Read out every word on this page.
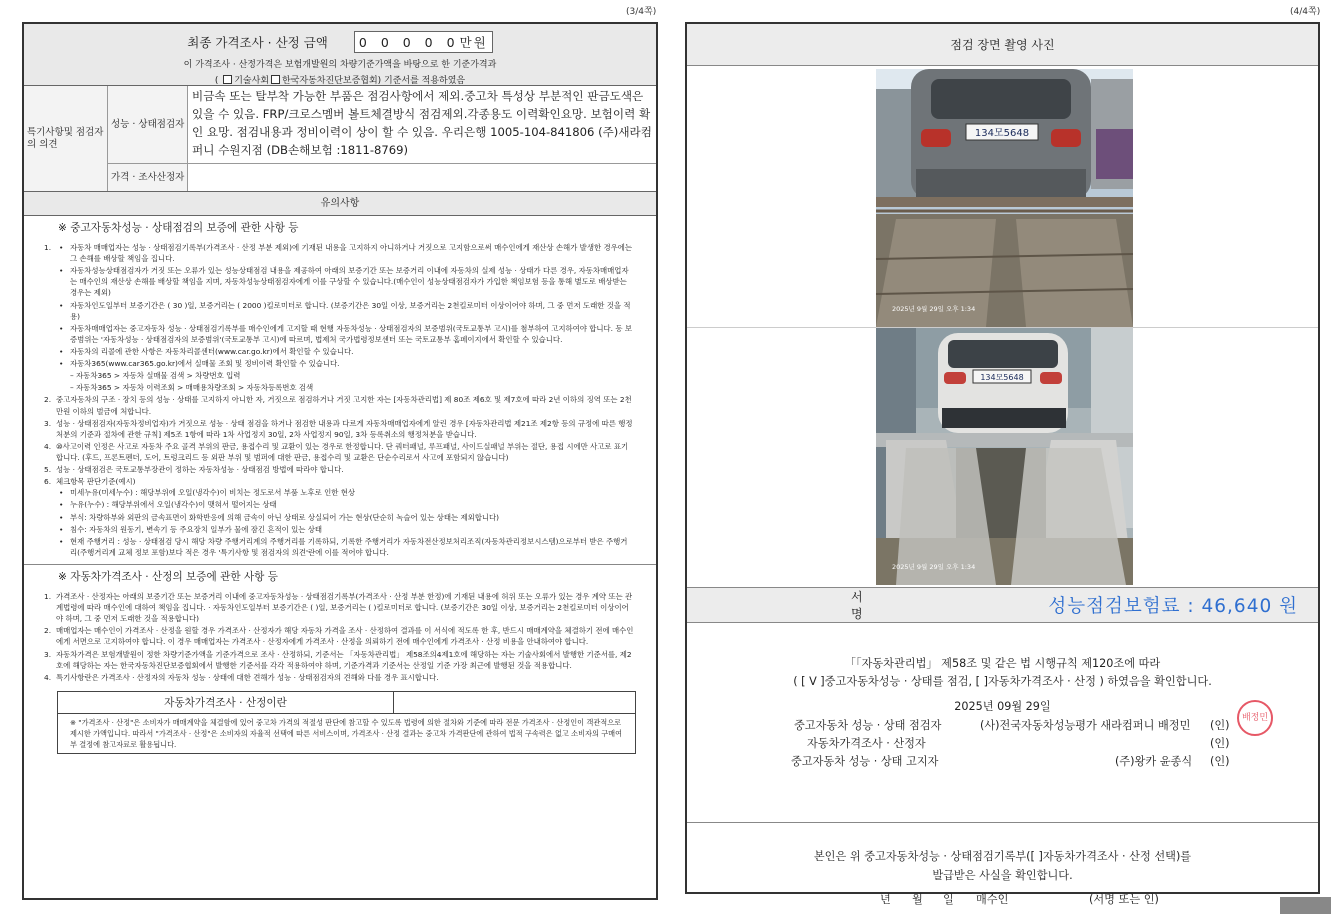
(3/4쪽)	(4/4쪽)
최종 가격조사 · 산정 금액 0 0 0 0 0 만원
이 가격조사 · 산정가격은 보험개발원의 차량기준가액을 바탕으로 한 기준가격과
( 기술사회 한국자동차진단보증협회) 기준서를 적용하였음
특기사항및 점검자의 의견
성능 · 상태점검자
비금속 또는 탈부착 가능한 부품은 점검사항에서 제외.중고차 특성상 부분적인 판금도색은 있을 수 있음. FRP/크로스멤버 볼트체결방식 점검제외.각종용도 이력확인요망. 보험이력 확인 요망. 점검내용과 정비이력이 상이 할 수 있음. 우리은행 1005-104-841806 (주)새라컴퍼니 수원지점 (DB손해보험 :1811-8769)
가격 · 조사산정자
유의사항
※ 중고자동차성능 · 상태점검의 보증에 관한 사항 등
1. • 자동차 매매업자는 성능 · 상태점검기록부(가격조사 · 산정 부분 제외)에 기재된 내용을 고지하지 아니하거나 거짓으로 고지함으로써 매수인에게 재산상 손해가 발생한 경우에는 그 손해를 배상할 책임을 집니다.
• 자동차성능상태점검자가 거짓 또는 오류가 있는 성능상태점검 내용을 제공하여 아래의 보증기간 또는 보증거리 이내에 자동차의 실제 성능 · 상태가 다른 경우, 자동차매매업자는 매수인의 재산상 손해를 배상할 책임을 지며, 자동차성능상태점검자에게 이를 구상할 수 있습니다.(매수인이 성능상태점검자가 가입한 책임보험 등을 통해 별도로 배상받는 경우는 제외)
• 자동차인도일부터 보증기간은 ( 30 )일, 보증거리는 ( 2000 )킬로미터로 합니다. (보증기간은 30일 이상, 보증거리는 2천킬로미터 이상이어야 하며, 그 중 먼저 도래한 것을 적용)
• 자동차매매업자는 중고자동차 성능 · 상태점검기록부를 매수인에게 고지할 때 현행 자동차성능 · 상태점검자의 보증범위(국토교통부 고시)를 첨부하여 고지하여야 합니다. 동 보증범위는 '자동차성능 · 상태점검자의 보증범위'(국토교통부 고시)에 따르며, 법제처 국가법령정보센터 또는 국토교통부 홈페이지에서 확인할 수 있습니다.
• 자동차의 리콜에 관한 사항은 자동차리콜센터(www.car.go.kr)에서 확인할 수 있습니다.
• 자동차365(www.car365.go.kr)에서 실매물 조회 및 정비이력 확인할 수 있습니다.
– 자동차365 > 자동차 실매물 검색 > 차량번호 입력
– 자동차365 > 자동차 이력조회 > 매매용차량조회 > 자동차등록번호 검색
2. 중고자동차의 구조 · 장치 등의 성능 · 상태를 고지하지 아니한 자, 거짓으로 점검하거나 거짓 고지한 자는 [자동차관리법] 제 80조 제6호 및 제7호에 따라 2년 이하의 징역 또는 2천만원 이하의 벌금에 처합니다.
3. 성능 · 상태점검자(자동차정비업자)가 거짓으로 성능 · 상태 점검을 하거나 점검한 내용과 다르게 자동차매매업자에게 알린 경우 [자동차관리법 제21조 제2항 등의 규정에 따른 행정처분의 기준과 절차에 관한 규칙] 제5조 1항에 따라 1차 사업정지 30일, 2차 사업정지 90일, 3차 등록취소의 행정처분을 받습니다.
4. ⑩사고이력 인정은 사고로 자동차 주요 골격 부위의 판금, 용접수리 및 교환이 있는 경우로 한정합니다. 단 쿼터패널, 루프패널, 사이드실패널 부위는 절단, 용접 시에만 사고로 표기합니다. (후드, 프론트펜더, 도어, 트렁크리드 등 외판 부위 및 범퍼에 대한 판금, 용접수리 및 교환은 단순수리로서 사고에 포함되지 않습니다)
5. 성능 · 상태점검은 국토교통부장관이 정하는 자동차성능 · 상태점검 방법에 따라야 합니다.
6. 체크항목 판단기준(예시)
• 미세누유(미세누수) : 해당부위에 오일(냉각수)이 비치는 정도로서 부품 노후로 인한 현상
• 누유(누수) : 해당부위에서 오일(냉각수)이 맺혀서 떨어지는 상태
• 부식: 차량하부와 외판의 금속표면이 화학반응에 의해 금속이 아닌 상태로 상실되어 가는 현상(단순히 녹슬어 있는 상태는 제외합니다)
• 침수: 자동차의 원동기, 변속기 등 주요장치 일부가 물에 잠긴 흔적이 있는 상태
• 현재 주행거리 : 성능 · 상태점검 당시 해당 차량 주행거리계의 주행거리를 기록하되, 기록한 주행거리가 자동차전산정보처리조직(자동차관리정보시스템)으로부터 받은 주행거리(주행거리계 교체 정보 포함)보다 적은 경우 '특기사항 및 점검자의 의견'란에 이를 적어야 합니다.
※ 자동차가격조사 · 산정의 보증에 관한 사항 등
1. 가격조사 · 산정자는 아래의 보증기간 또는 보증거리 이내에 중고자동차성능 · 상태점검기록부(가격조사 · 산정 부분 한정)에 기재된 내용에 허위 또는 오류가 있는 경우 계약 또는 관계법령에 따라 매수인에 대하여 책임을 집니다. · 자동차인도일부터 보증기간은 ( )일, 보증거리는 ( )킬로미터로 합니다. (보증기간은 30일 이상, 보증거리는 2천킬로미터 이상이어야 하며, 그 중 먼저 도래한 것을 적용합니다)
2. 매매업자는 매수인이 가격조사 · 산정을 원할 경우 가격조사 · 산정자가 해당 자동차 가격을 조사 · 산정하여 결과를 이 서식에 적도록 한 후, 반드시 매매계약을 체결하기 전에 매수인에게 서면으로 고지하여야 합니다. 이 경우 매매업자는 가격조사 · 산정자에게 가격조사 · 산정을 의뢰하기 전에 매수인에게 가격조사 · 산정 비용을 안내하여야 합니다.
3. 자동차가격은 보험개발원이 정한 차량기준가액을 기준가격으로 조사 · 산정하되, 기준서는 「자동차관리법」 제58조의4제1호에 해당하는 자는 기술사회에서 발행한 기준서를, 제2호에 해당하는 자는 한국자동차진단보증협회에서 발행한 기준서를 각각 적용하여야 하며, 기준가격과 기준서는 산정일 기준 가장 최근에 발행된 것을 적용합니다.
4. 특기사항란은 가격조사 · 산정자의 자동차 성능 · 상태에 대한 견해가 성능 · 상태점검자의 견해와 다를 경우 표시합니다.
자동차가격조사 · 산정이란
※ "가격조사 · 산정"은 소비자가 매매계약을 체결함에 있어 중고차 가격의 적절성 판단에 참고할 수 있도록 법령에 의한 절차와 기준에 따라 전문 가격조사 · 산정인이 객관적으로 제시한 가액입니다. 따라서 "가격조사 · 산정"은 소비자의 자율적 선택에 따른 서비스이며, 가격조사 · 산정 결과는 중고차 가격판단에 관하여 법적 구속력은 없고 소비자의 구매여부 결정에 참고자료로 활용됩니다.
점검 장면 촬영 사진
134모5648
2025년 9월 29일 오후 1:34
134모5648
2025년 9월 29일 오후 1:34
서명	성능점검보험료 : 46,640 원
「「자동차관리법」 제58조 및 같은 법 시행규칙 제120조에 따라
( [ V ]중고자동차성능 · 상태를 점검, [ ]자동차가격조사 · 산정 ) 하였음을 확인합니다.
2025년 09월 29일
중고자동차 성능 · 상태 점검자	(사)전국자동차성능평가 새라컴퍼니 배정민 (인)
배정민
자동차가격조사 · 산정자	(인)
중고자동차 성능 · 상태 고지자	(주)왕카 윤종식 (인)
본인은 위 중고자동차성능 · 상태점검기록부([ ]자동차가격조사 · 산정 선택)를
발급받은 사실을 확인합니다.
년 월 일 매수인	(서명 또는 인)
